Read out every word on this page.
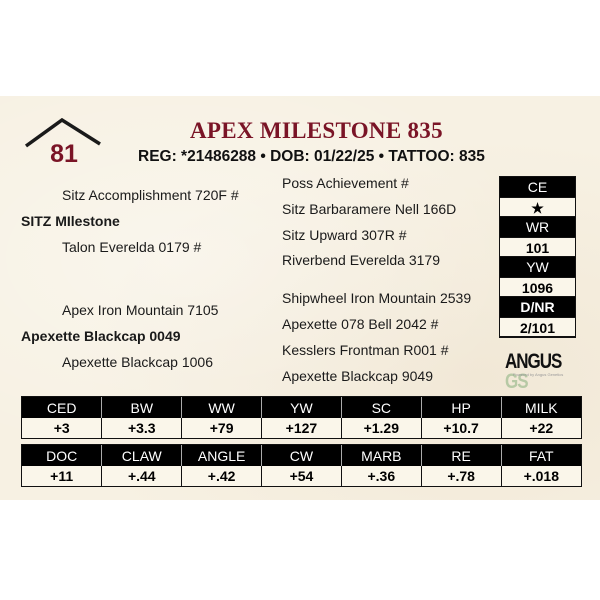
81
APEX MILESTONE 835
REG: *21486288 • DOB: 01/22/25 • TATTOO: 835
Sitz Accomplishment 720F #
SITZ MIlestone
Talon Everelda 0179 #
Apex Iron Mountain 7105
Apexette Blackcap 0049
Apexette Blackcap 1006
Poss Achievement #
Sitz Barbaramere Nell 166D
Sitz Upward 307R #
Riverbend Everelda 3179
Shipwheel Iron Mountain 2539
Apexette 078 Bell 2042 #
Kesslers Frontman R001 #
Apexette Blackcap 9049
CE
★
WR
101
YW
1096
D/NR
2/101
ANGUSGS
Powered by Angus Genetics
CED	BW	WW	YW	SC	HP	MILK
+3	+3.3	+79	+127	+1.29	+10.7	+22
DOC	CLAW	ANGLE	CW	MARB	RE	FAT
+11	+.44	+.42	+54	+.36	+.78	+.018
